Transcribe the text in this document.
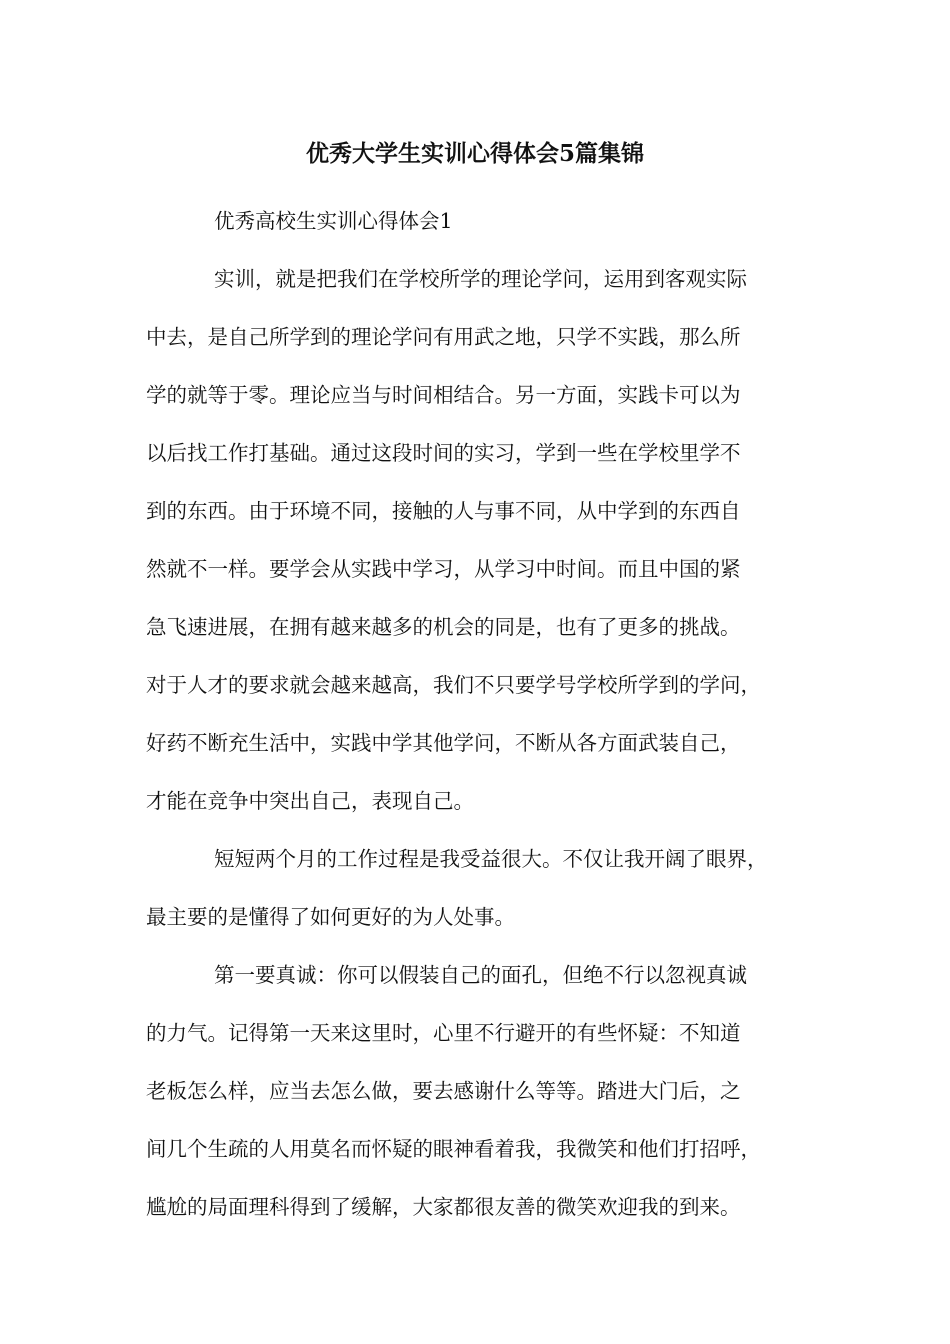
优秀大学生实训心得体会5篇集锦
优秀高校生实训心得体会1
实训，就是把我们在学校所学的理论学问，运用到客观实际
中去，是自己所学到的理论学问有用武之地，只学不实践，那么所
学的就等于零。理论应当与时间相结合。另一方面，实践卡可以为
以后找工作打基础。通过这段时间的实习，学到一些在学校里学不
到的东西。由于环境不同，接触的人与事不同，从中学到的东西自
然就不一样。要学会从实践中学习，从学习中时间。而且中国的紧
急飞速进展，在拥有越来越多的机会的同是，也有了更多的挑战。
对于人才的要求就会越来越高，我们不只要学号学校所学到的学问，
好药不断充生活中，实践中学其他学问，不断从各方面武装自己，
才能在竞争中突出自己，表现自己。
短短两个月的工作过程是我受益很大。不仅让我开阔了眼界，
最主要的是懂得了如何更好的为人处事。
第一要真诚：你可以假装自己的面孔，但绝不行以忽视真诚
的力气。记得第一天来这里时，心里不行避开的有些怀疑：不知道
老板怎么样，应当去怎么做，要去感谢什么等等。踏进大门后，之
间几个生疏的人用莫名而怀疑的眼神看着我，我微笑和他们打招呼，
尴尬的局面理科得到了缓解，大家都很友善的微笑欢迎我的到来。
